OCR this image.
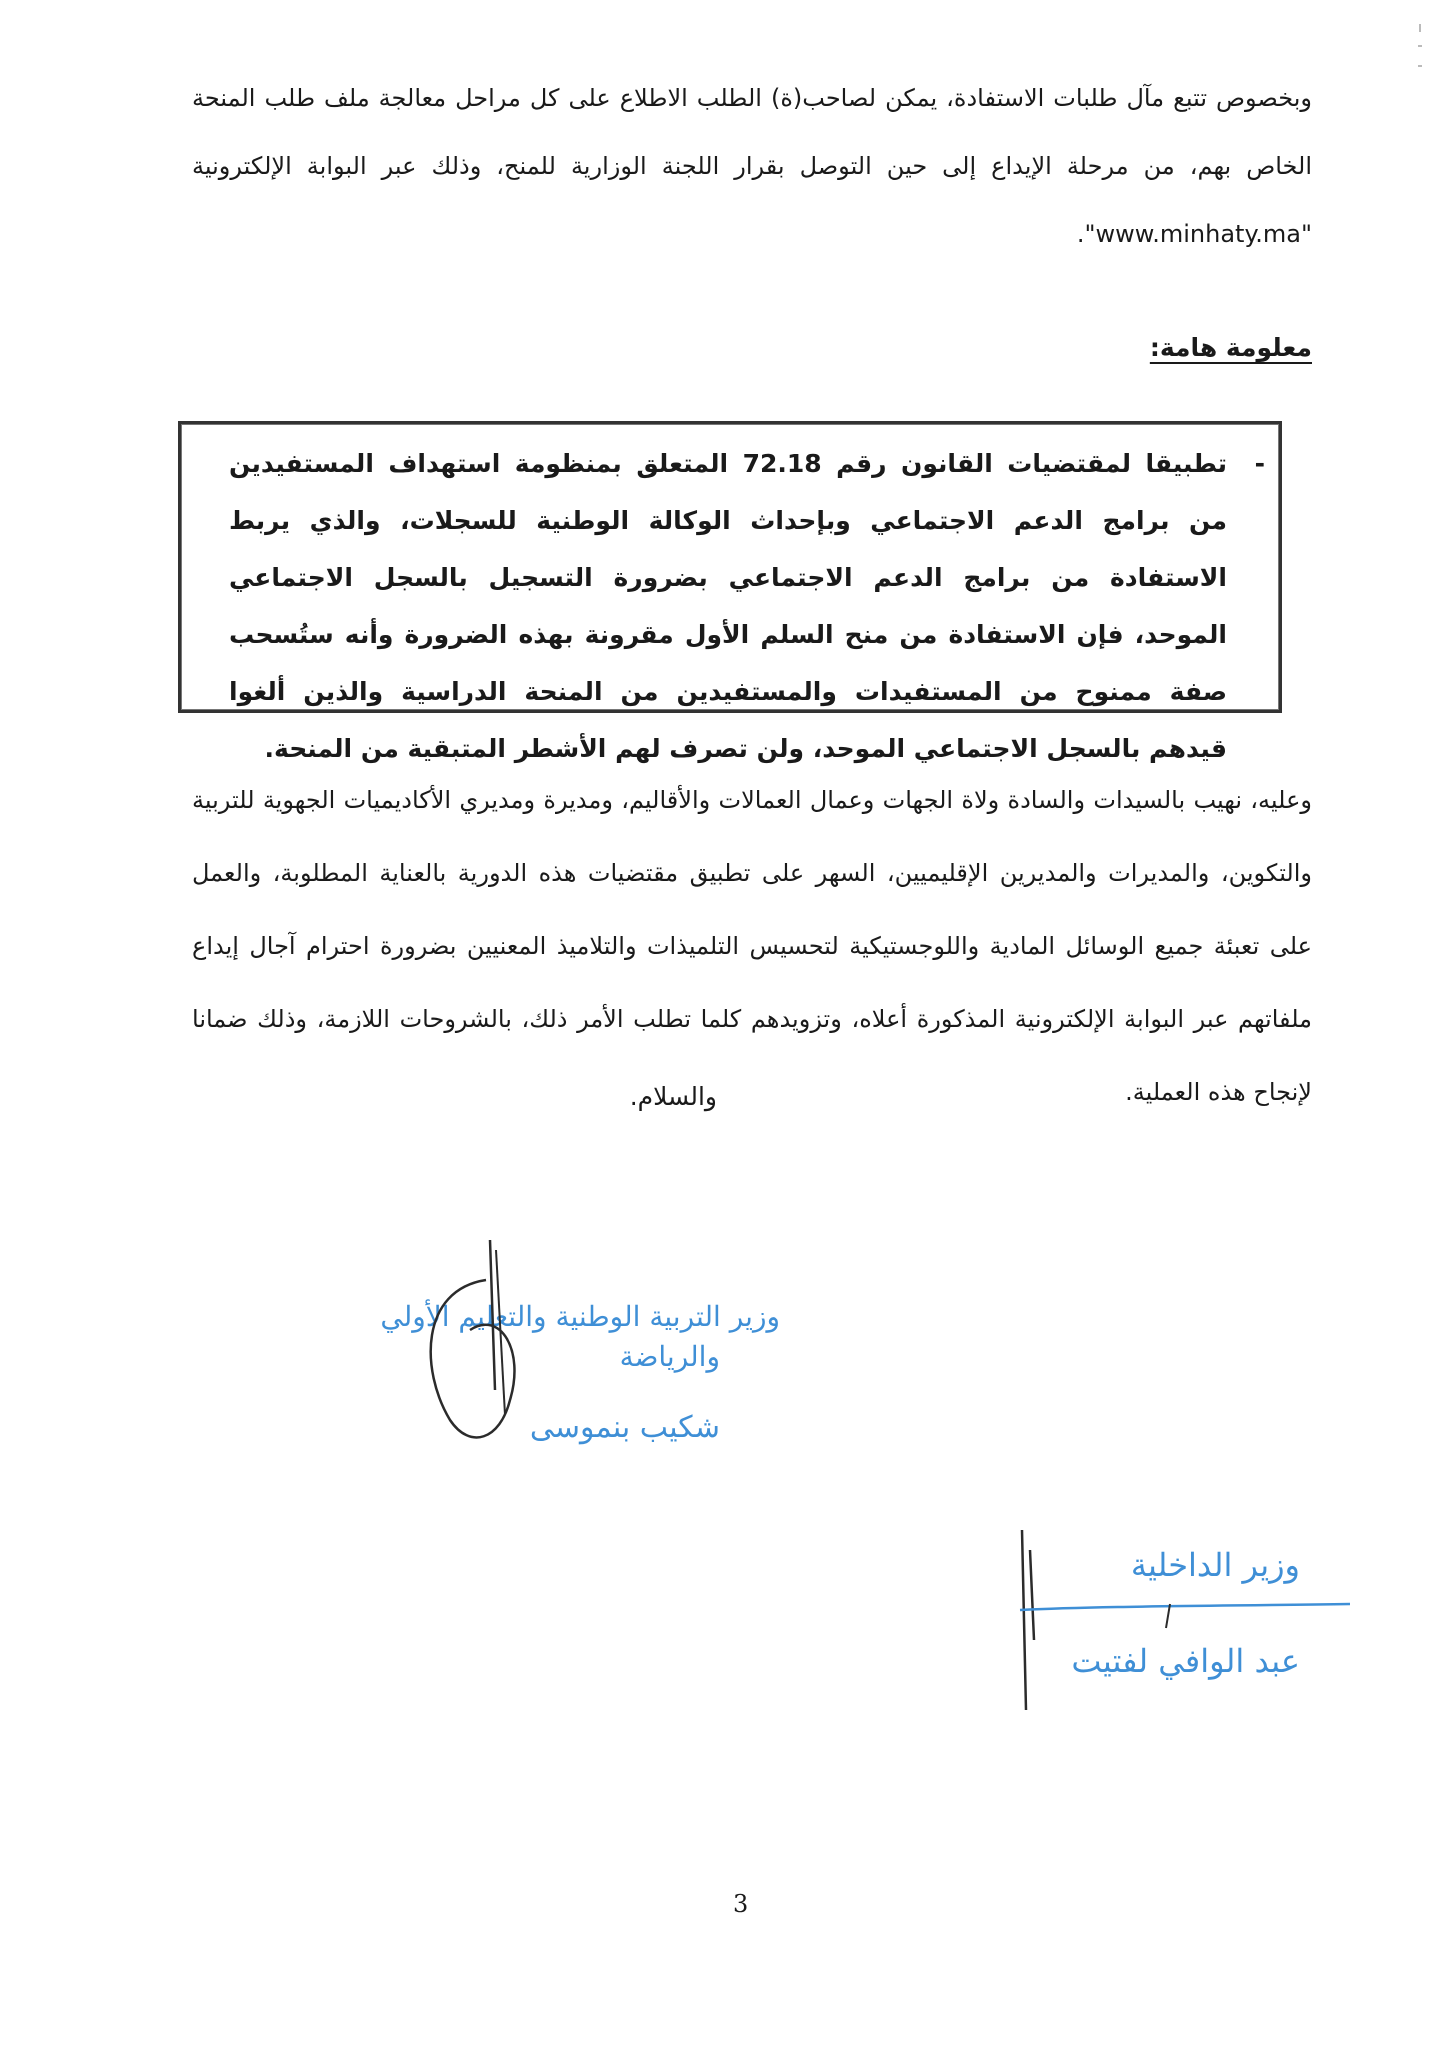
وبخصوص تتبع مآل طلبات الاستفادة، يمكن لصاحب(ة) الطلب الاطلاع على كل مراحل معالجة ملف طلب المنحة الخاص بهم، من مرحلة الإيداع إلى حين التوصل بقرار اللجنة الوزارية للمنح، وذلك عبر البوابة الإلكترونية "www.minhaty.ma".

معلومة هامة:
-
تطبيقا لمقتضيات القانون رقم 72.18 المتعلق بمنظومة استهداف المستفيدين من برامج الدعم الاجتماعي وبإحداث الوكالة الوطنية للسجلات، والذي يربط الاستفادة من برامج الدعم الاجتماعي بضرورة التسجيل بالسجل الاجتماعي الموحد، فإن الاستفادة من منح السلم الأول مقرونة بهذه الضرورة وأنه ستُسحب صفة ممنوح من المستفيدات والمستفيدين من المنحة الدراسية والذين ألغوا قيدهم بالسجل الاجتماعي الموحد، ولن تصرف لهم الأشطر المتبقية من المنحة.

وعليه، نهيب بالسيدات والسادة ولاة الجهات وعمال العمالات والأقاليم، ومديرة ومديري الأكاديميات الجهوية للتربية والتكوين، والمديرات والمديرين الإقليميين، السهر على تطبيق مقتضيات هذه الدورية بالعناية المطلوبة، والعمل على تعبئة جميع الوسائل المادية واللوجستيكية لتحسيس التلميذات والتلاميذ المعنيين بضرورة احترام آجال إيداع ملفاتهم عبر البوابة الإلكترونية المذكورة أعلاه، وتزويدهم كلما تطلب الأمر ذلك، بالشروحات اللازمة، وذلك ضمانا لإنجاح هذه العملية.

والسلام.
وزير التربية الوطنية والتعليم الأولي
والرياضة
شكيب بنموسى
وزير الداخلية
عبد الوافي لفتيت
3
